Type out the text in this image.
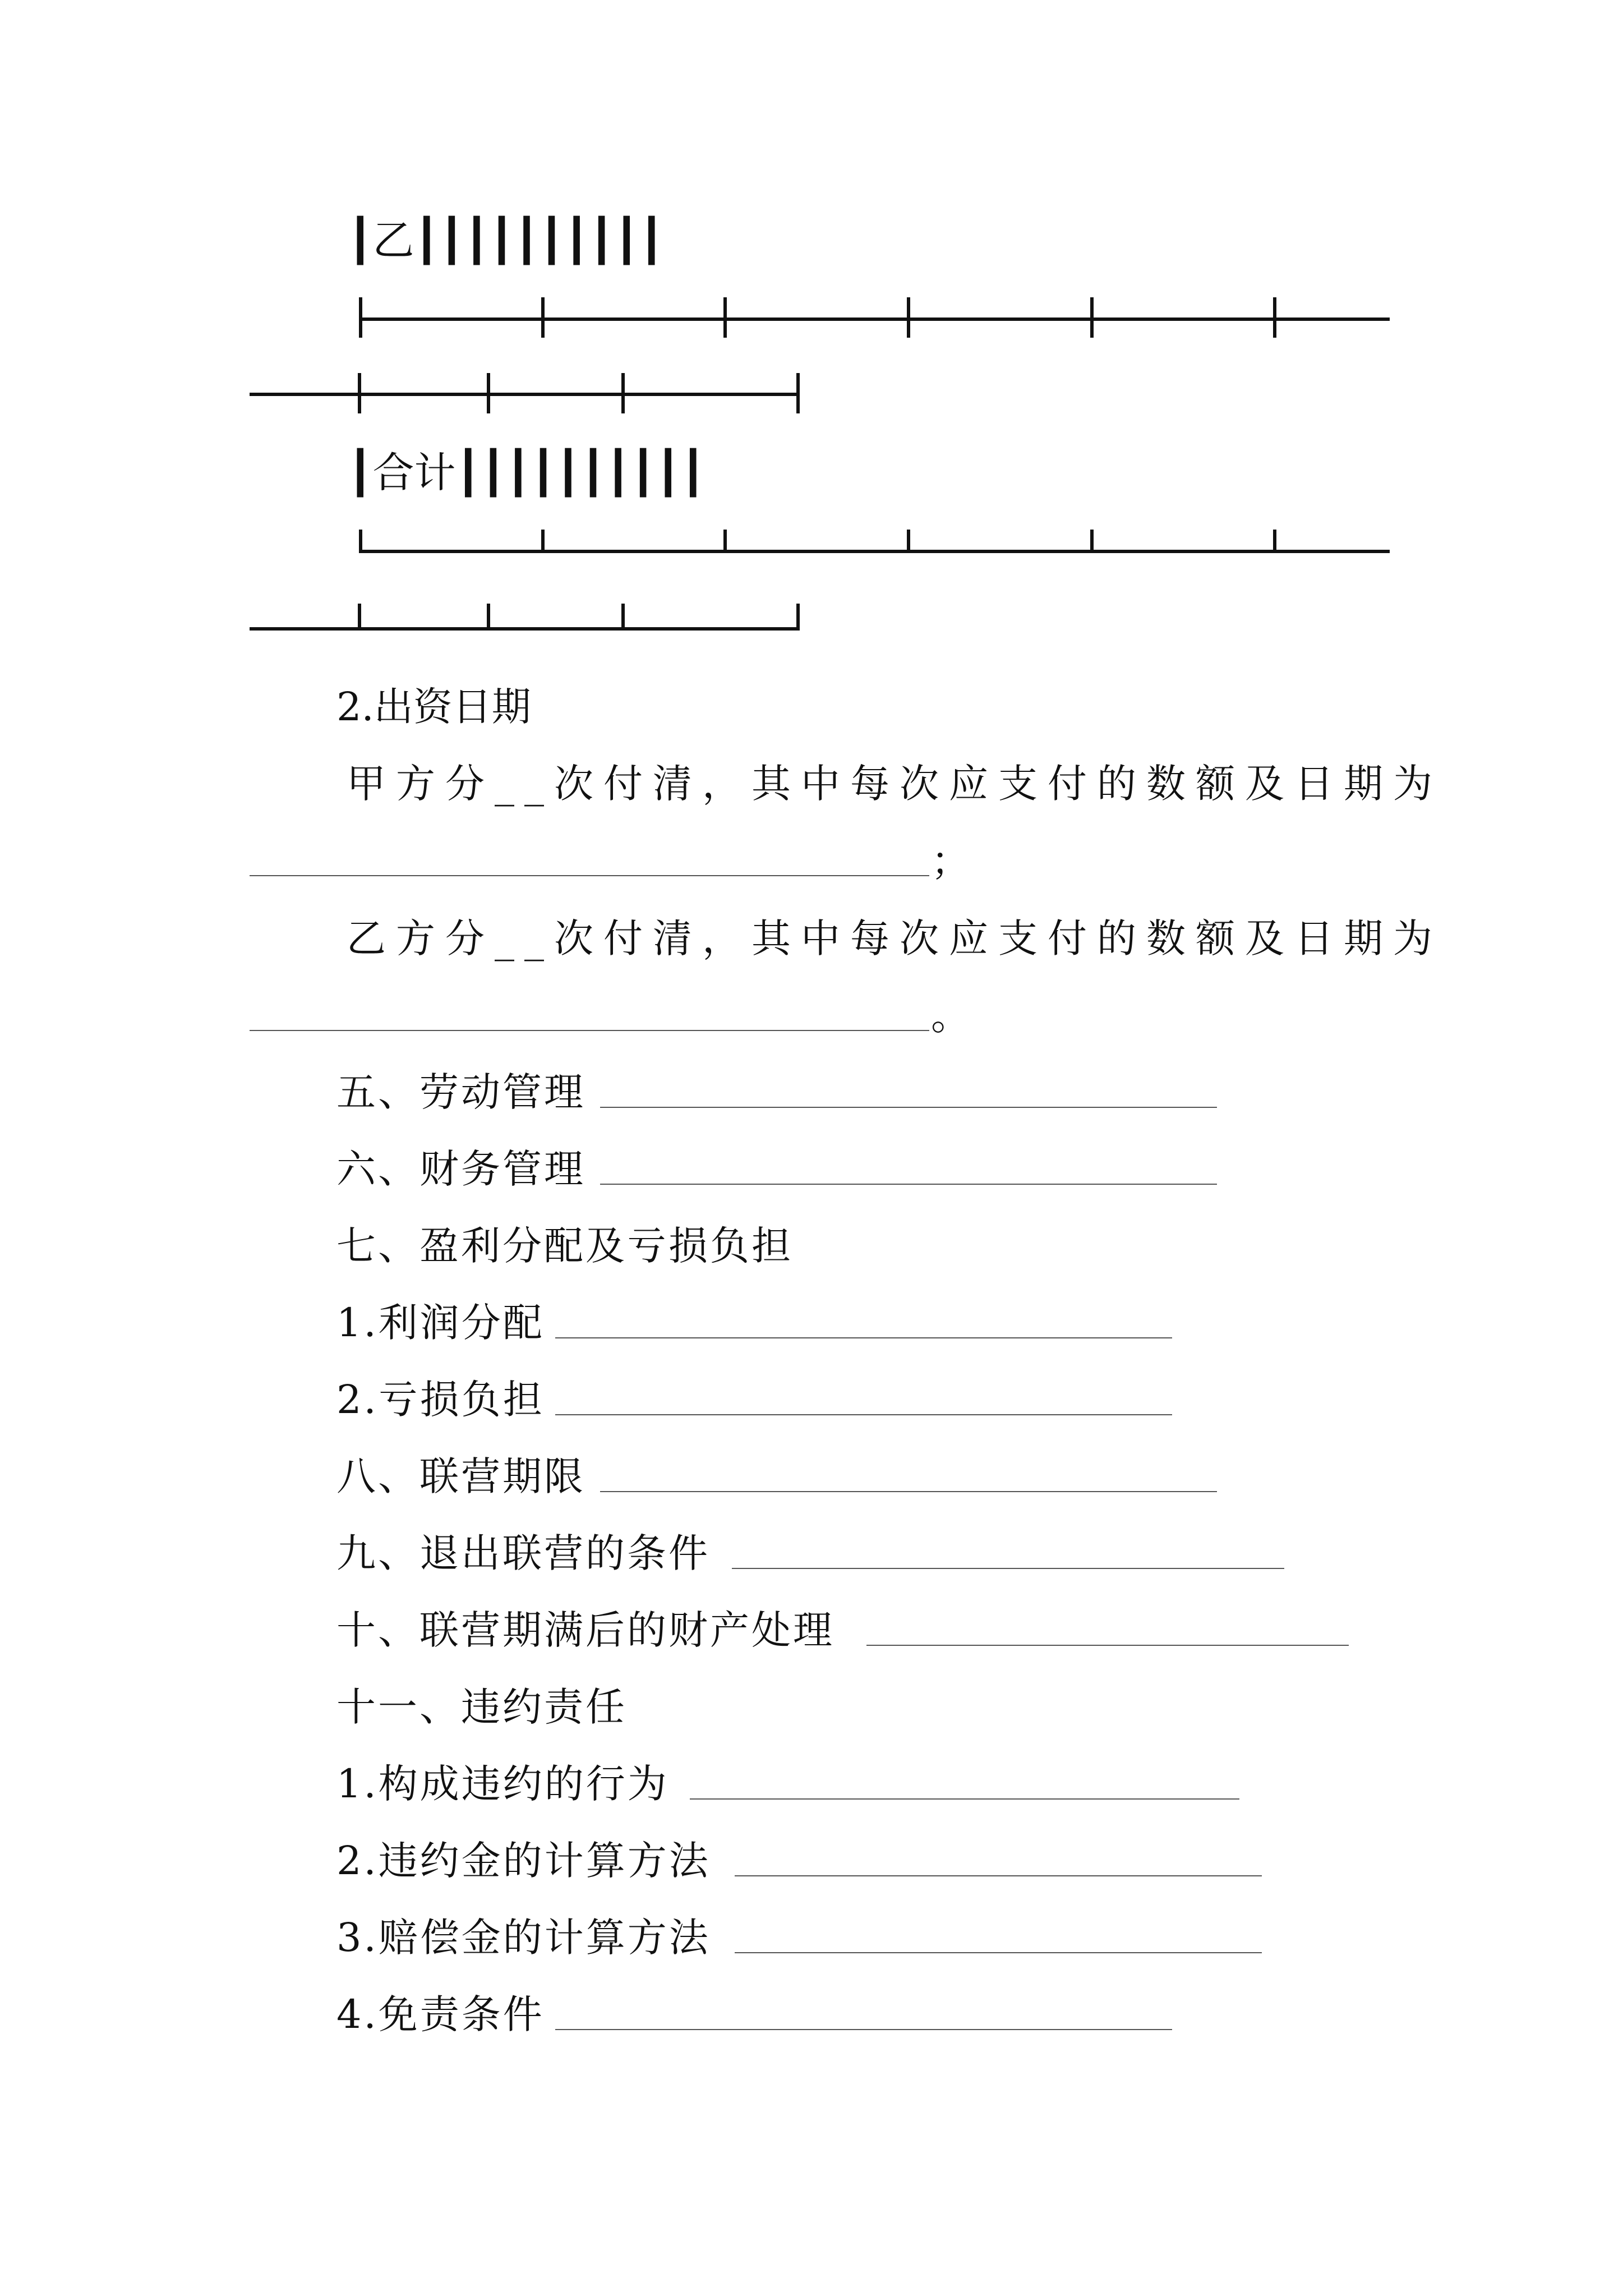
┃乙┃┃┃┃┃┃┃┃┃┃
┃合计┃┃┃┃┃┃┃┃┃┃
2.出资日期
甲方分__次付清，其中每次应支付的数额及日期为
；
乙方分__次付清，其中每次应支付的数额及日期为
。
五、劳动管理
六、财务管理
七、盈利分配及亏损负担
1.利润分配
2.亏损负担
八、联营期限
九、退出联营的条件
十、联营期满后的财产处理
十一、违约责任
1.构成违约的行为
2.违约金的计算方法
3.赔偿金的计算方法
4.免责条件
